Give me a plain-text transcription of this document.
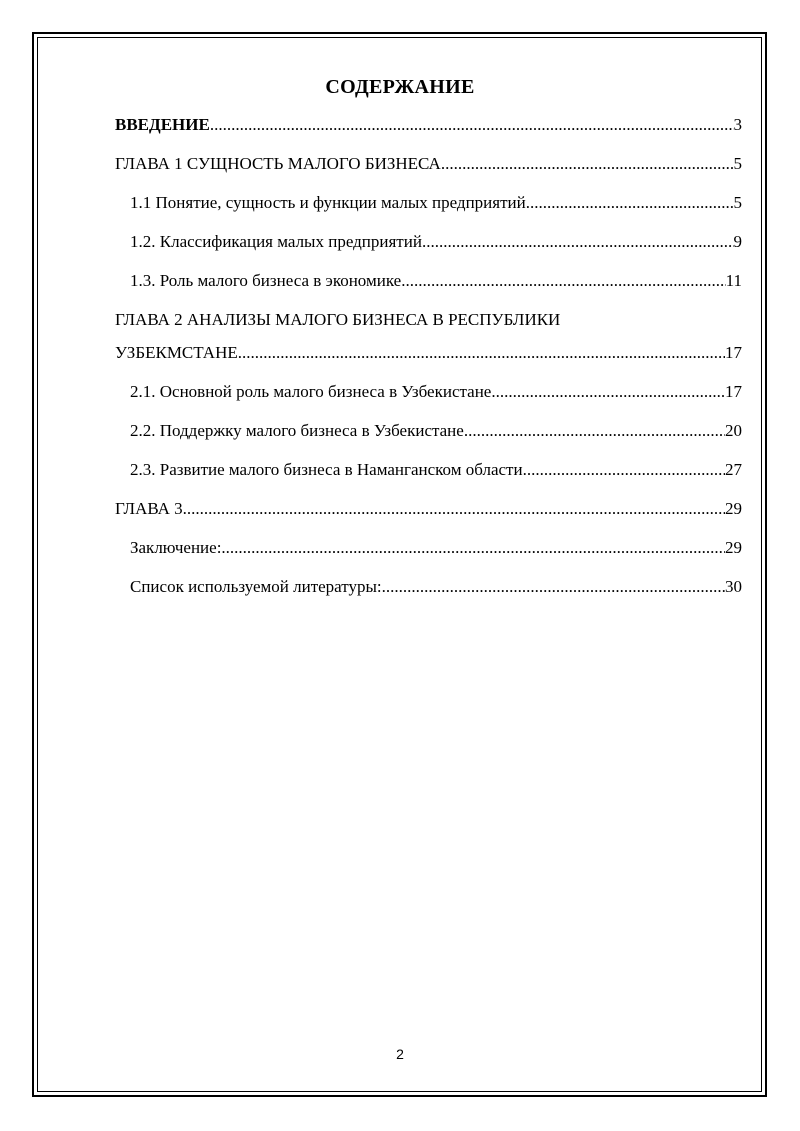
СОДЕРЖАНИЕ
ВВЕДЕНИЕ .....	3
ГЛАВА 1 СУЩНОСТЬ МАЛОГО БИЗНЕСА .....	5
1.1 Понятие, сущность и функции малых предприятий .....	5
1.2. Классификация малых предприятий .....	9
1.3. Роль малого бизнеса в экономике .....	11
ГЛАВА 2 АНАЛИЗЫ МАЛОГО БИЗНЕСА В РЕСПУБЛИКИ
УЗБЕКМСТАНЕ .....	17
2.1. Основной роль малого бизнеса в Узбекистане .....	17
2.2. Поддержку малого бизнеса в Узбекистане .....	20
2.3. Развитие малого бизнеса в Наманганском области .....	27
ГЛАВА 3 .....	29
Заключение: .....	29
Список используемой литературы: .....	30
2
